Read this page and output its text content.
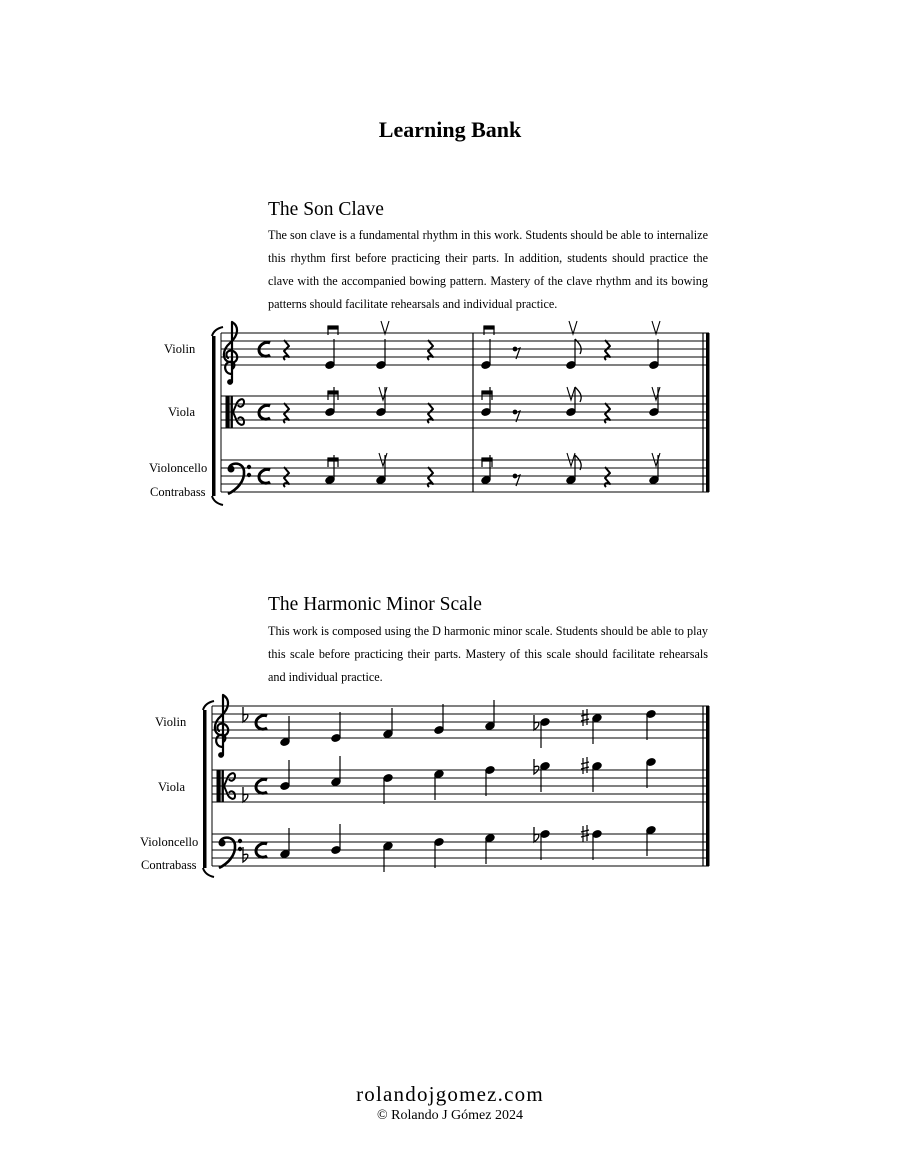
Learning Bank
The Son Clave
The son clave is a fundamental rhythm in this work. Students should be able to internalize this rhythm first before practicing their parts. In addition, students should practice the clave with the accompanied bowing pattern. Mastery of the clave rhythm and its bowing patterns should facilitate rehearsals and individual practice.
The Harmonic Minor Scale
This work is composed using the D harmonic minor scale. Students should be able to play this scale before practicing their parts. Mastery of this scale should facilitate rehearsals and individual practice.
Violin
Viola
Violoncello
Contrabass
Violin
Viola
Violoncello
Contrabass
rolandojgomez.com
© Rolando J Gómez 2024
